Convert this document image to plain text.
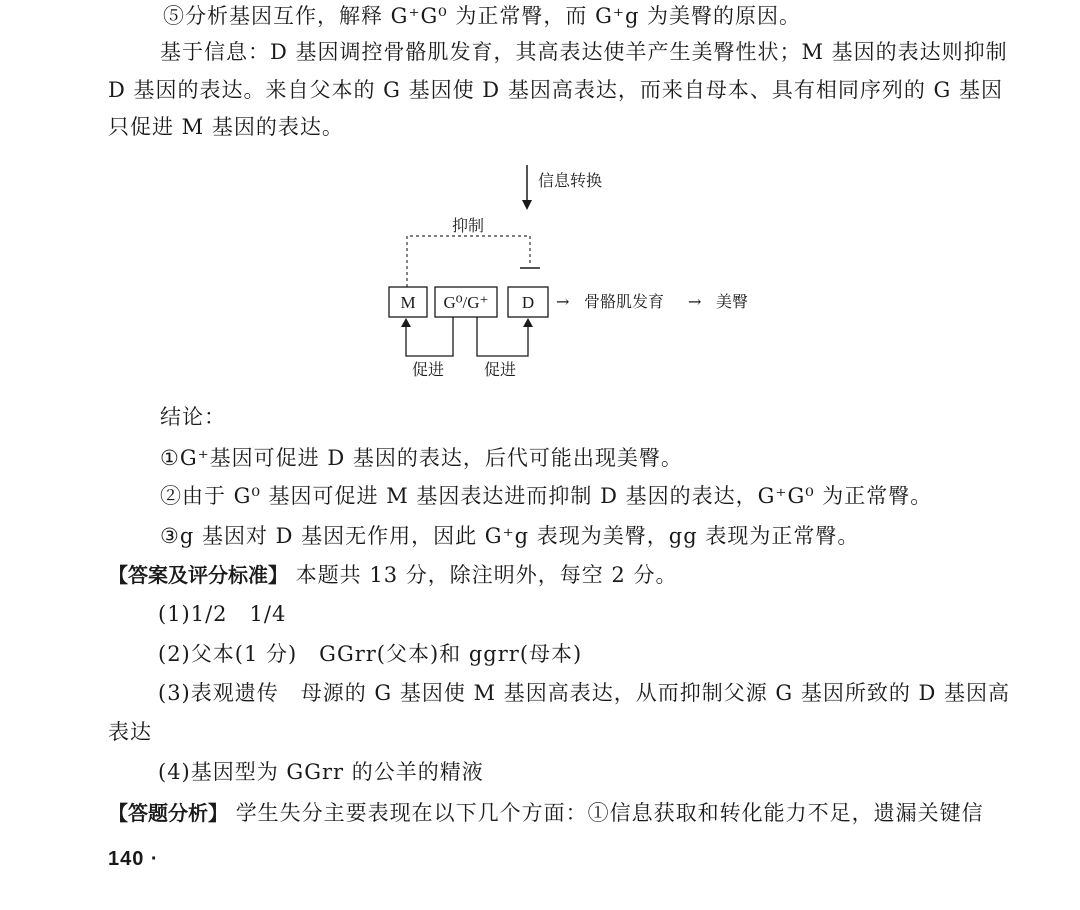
⑤分析基因互作，解释 G⁺G⁰ 为正常臀，而 G⁺g 为美臀的原因。
基于信息：D 基因调控骨骼肌发育，其高表达使羊产生美臀性状；M 基因的表达则抑制
D 基因的表达。来自父本的 G 基因使 D 基因高表达，而来自母本、具有相同序列的 G 基因
只促进 M 基因的表达。
信息转换
抑制
M G⁰/G⁺ D → 骨骼肌发育 → 美臀
促进 促进
结论：
①G⁺基因可促进 D 基因的表达，后代可能出现美臀。
②由于 G⁰ 基因可促进 M 基因表达进而抑制 D 基因的表达，G⁺G⁰ 为正常臀。
③g 基因对 D 基因无作用，因此 G⁺g 表现为美臀，gg 表现为正常臀。
【答案及评分标准】 本题共 13 分，除注明外，每空 2 分。
(1)1/2　1/4
(2)父本(1 分)　GGrr(父本)和 ggrr(母本)
(3)表观遗传　母源的 G 基因使 M 基因高表达，从而抑制父源 G 基因所致的 D 基因高
表达
(4)基因型为 GGrr 的公羊的精液
【答题分析】 学生失分主要表现在以下几个方面：①信息获取和转化能力不足，遗漏关键信
140 ·
